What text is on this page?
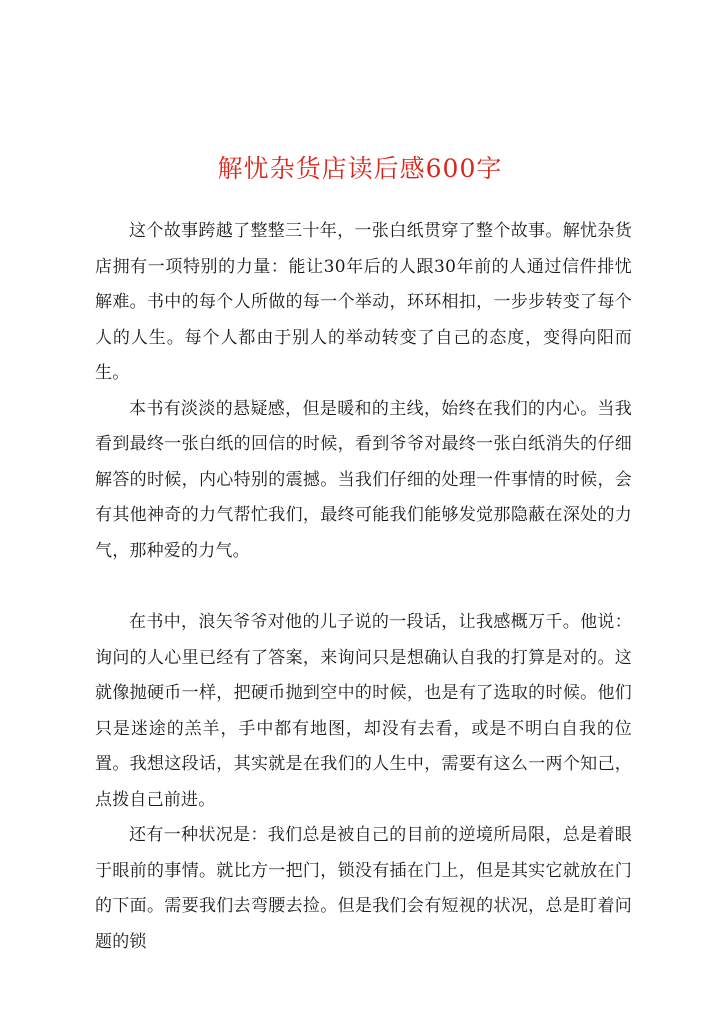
解忧杂货店读后感600字

这个故事跨越了整整三十年，一张白纸贯穿了整个故事。解忧杂货店拥有一项特别的力量：能让30年后的人跟30年前的人通过信件排忧解难。书中的每个人所做的每一个举动，环环相扣，一步步转变了每个人的人生。每个人都由于别人的举动转变了自己的态度，变得向阳而生。

本书有淡淡的悬疑感，但是暖和的主线，始终在我们的内心。当我看到最终一张白纸的回信的时候，看到爷爷对最终一张白纸消失的仔细解答的时候，内心特别的震撼。当我们仔细的处理一件事情的时候，会有其他神奇的力气帮忙我们，最终可能我们能够发觉那隐蔽在深处的力气，那种爱的力气。

在书中，浪矢爷爷对他的儿子说的一段话，让我感概万千。他说：询问的人心里已经有了答案，来询问只是想确认自我的打算是对的。这就像抛硬币一样，把硬币抛到空中的时候，也是有了选取的时候。他们只是迷途的羔羊，手中都有地图，却没有去看，或是不明白自我的位置。我想这段话，其实就是在我们的人生中，需要有这么一两个知己，点拨自己前进。

还有一种状况是：我们总是被自己的目前的逆境所局限，总是着眼于眼前的事情。就比方一把门，锁没有插在门上，但是其实它就放在门的下面。需要我们去弯腰去捡。但是我们会有短视的状况，总是盯着问题的锁
